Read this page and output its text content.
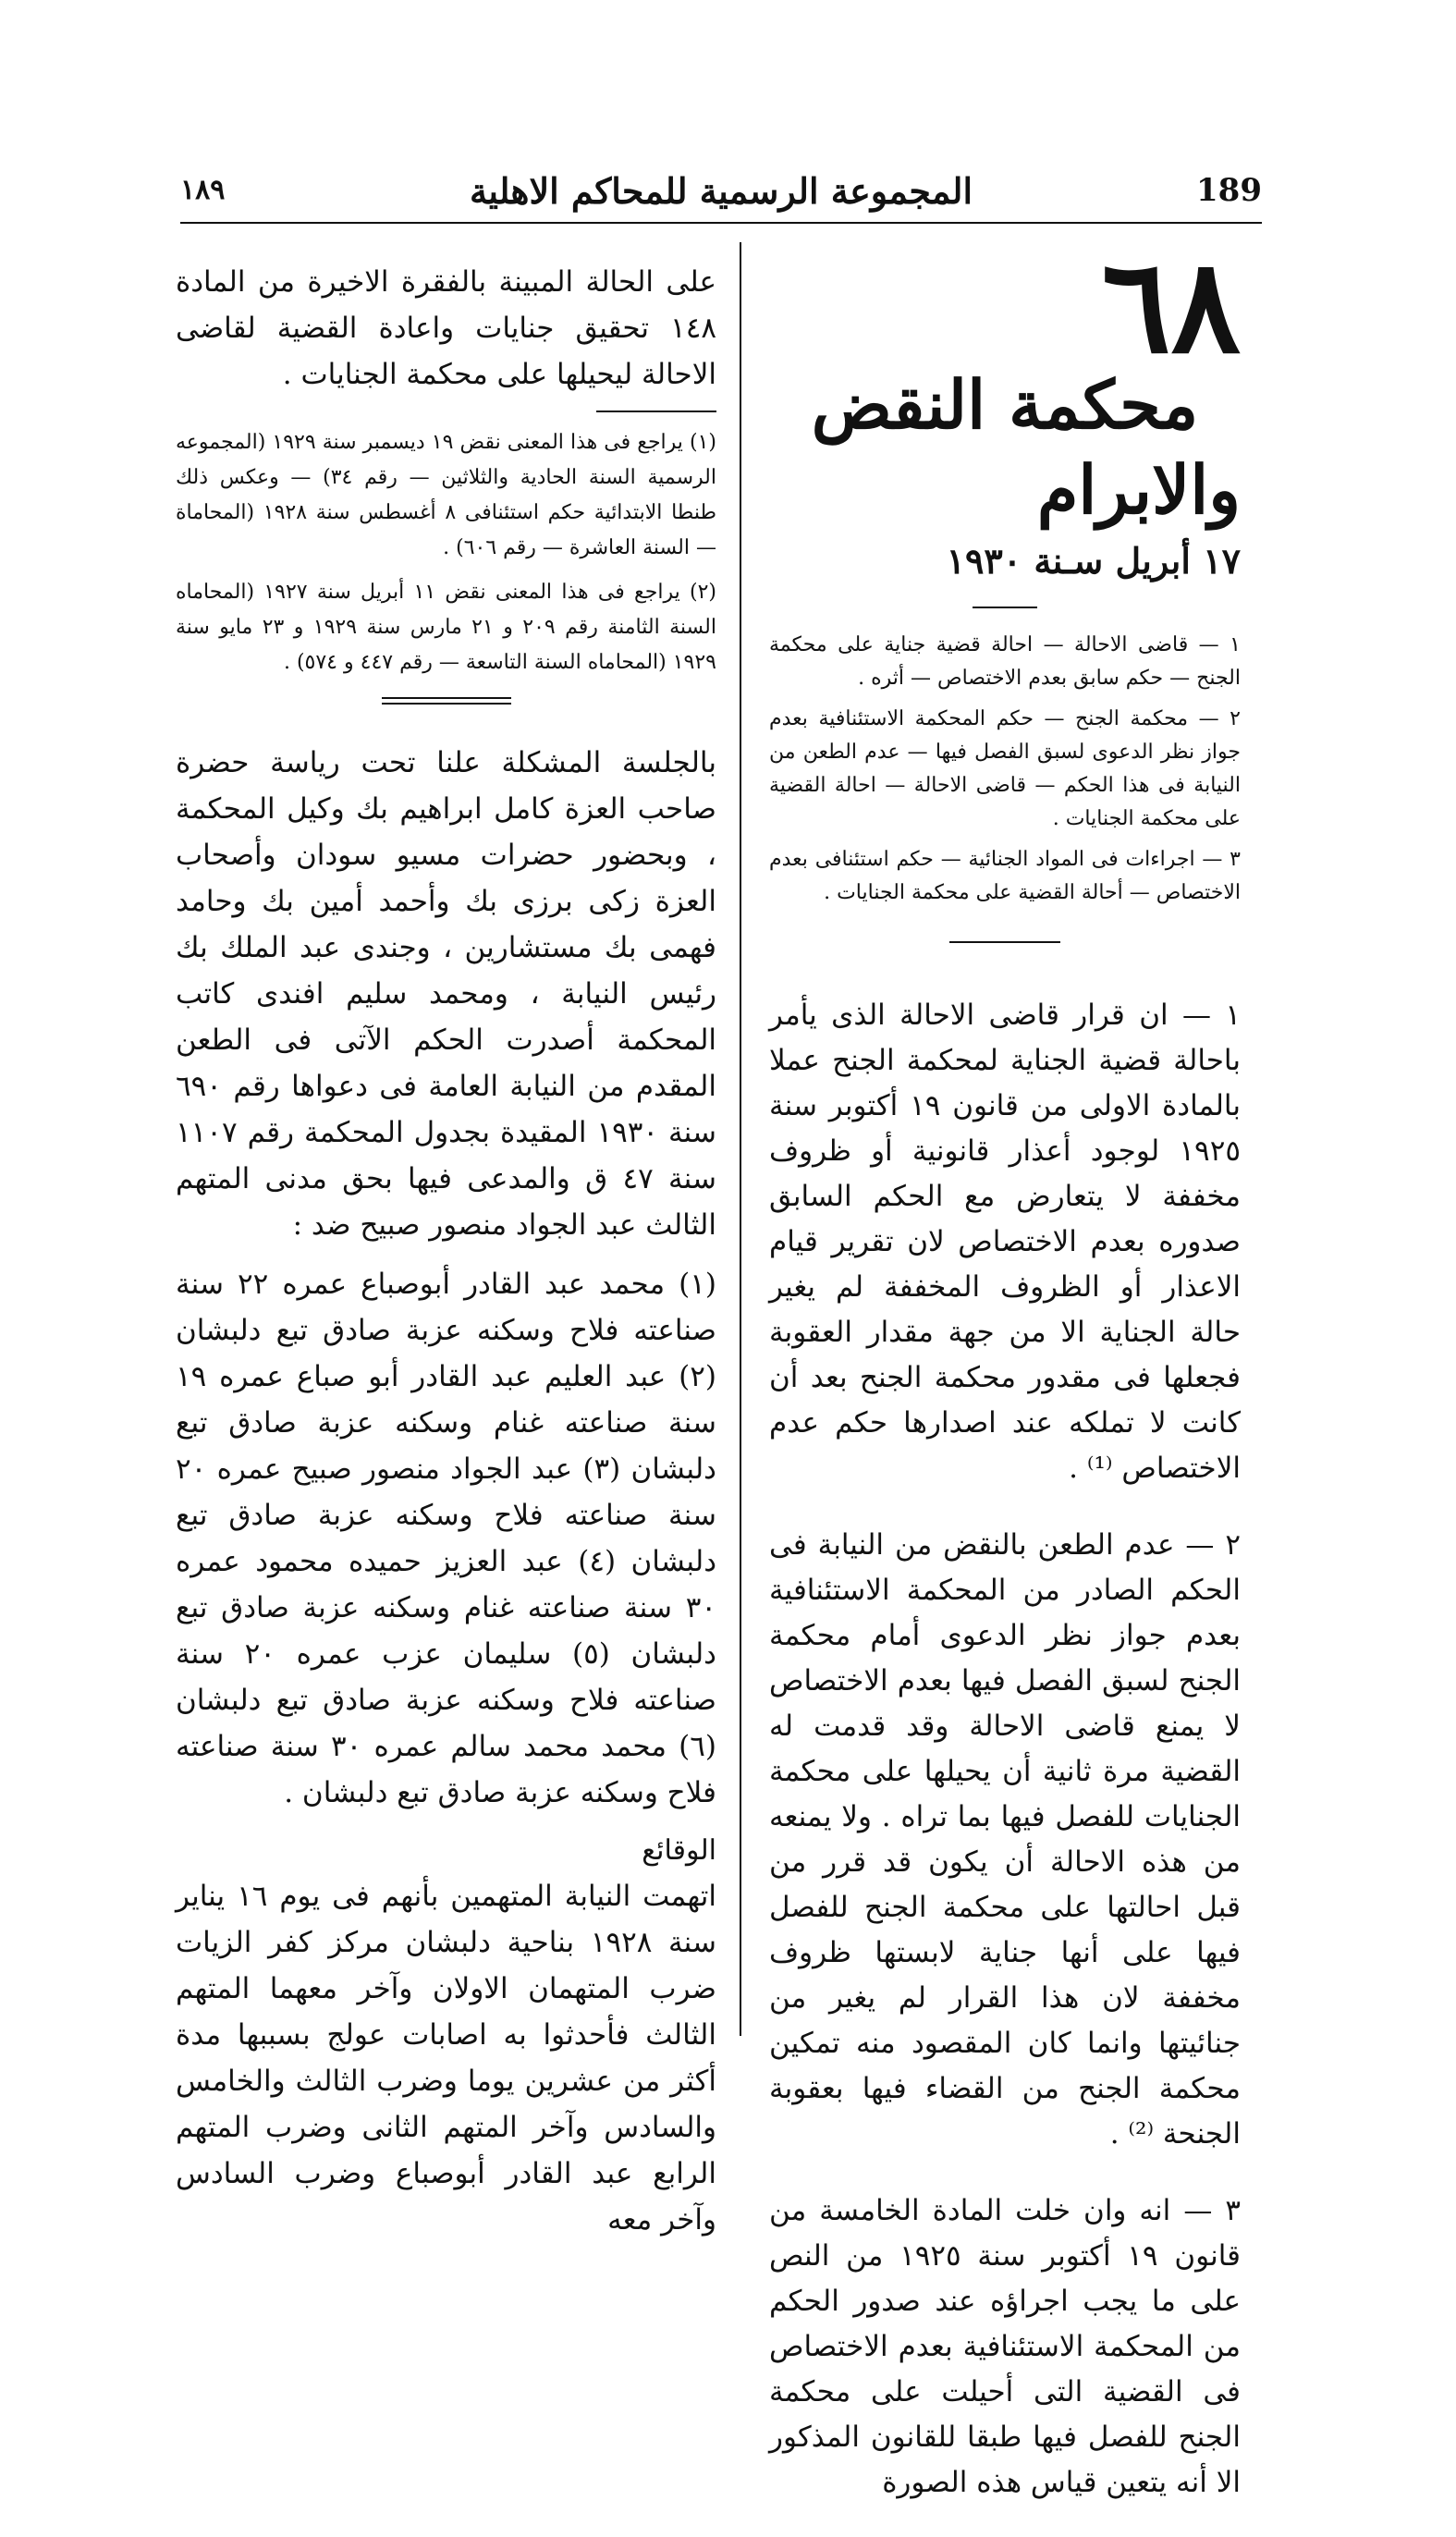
١٨٩	المجموعة الرسمية للمحاكم الاهلية	189
٦٨
محكمة النقض والابرام
١٧ أبريل سـنة ١٩٣٠
١ — قاضى الاحالة — احالة قضية جناية على محكمة الجنح — حكم سابق بعدم الاختصاص — أثره .
٢ — محكمة الجنح — حكم المحكمة الاستئنافية بعدم جواز نظر الدعوى لسبق الفصل فيها — عدم الطعن من النيابة فى هذا الحكم — قاضى الاحالة — احالة القضية على محكمة الجنايات .
٣ — اجراءات فى المواد الجنائية — حكم استئنافى بعدم الاختصاص — أحالة القضية على محكمة الجنايات .

١ — ان قرار قاضى الاحالة الذى يأمر باحالة قضية الجناية لمحكمة الجنح عملا بالمادة الاولى من قانون ١٩ أكتوبر سنة ١٩٢٥ لوجود أعذار قانونية أو ظروف مخففة لا يتعارض مع الحكم السابق صدوره بعدم الاختصاص لان تقرير قيام الاعذار أو الظروف المخففة لم يغير حالة الجناية الا من جهة مقدار العقوبة فجعلها فى مقدور محكمة الجنح بعد أن كانت لا تملكه عند اصدارها حكم عدم الاختصاص ⁽¹⁾ .

٢ — عدم الطعن بالنقض من النيابة فى الحكم الصادر من المحكمة الاستئنافية بعدم جواز نظر الدعوى أمام محكمة الجنح لسبق الفصل فيها بعدم الاختصاص لا يمنع قاضى الاحالة وقد قدمت له القضية مرة ثانية أن يحيلها على محكمة الجنايات للفصل فيها بما تراه . ولا يمنعه من هذه الاحالة أن يكون قد قرر من قبل احالتها على محكمة الجنح للفصل فيها على أنها جناية لابستها ظروف مخففة لان هذا القرار لم يغير من جنائيتها وانما كان المقصود منه تمكين محكمة الجنح من القضاء فيها بعقوبة الجنحة ⁽²⁾ .

٣ — انه وان خلت المادة الخامسة من قانون ١٩ أكتوبر سنة ١٩٢٥ من النص على ما يجب اجراؤه عند صدور الحكم من المحكمة الاستئنافية بعدم الاختصاص فى القضية التى أحيلت على محكمة الجنح للفصل فيها طبقا للقانون المذكور الا أنه يتعين قياس هذه الصورة

على الحالة المبينة بالفقرة الاخيرة من المادة ١٤٨ تحقيق جنايات واعادة القضية لقاضى الاحالة ليحيلها على محكمة الجنايات .

(١) يراجع فى هذا المعنى نقض ١٩ ديسمبر سنة ١٩٢٩ (المجموعه الرسمية السنة الحادية والثلاثين — رقم ٣٤) — وعكس ذلك طنطا الابتدائية حكم استئنافى ٨ أغسطس سنة ١٩٢٨ (المحاماة — السنة العاشرة — رقم ٦٠٦) .
(٢) يراجع فى هذا المعنى نقض ١١ أبريل سنة ١٩٢٧ (المحاماه السنة الثامنة رقم ٢٠٩ و ٢١ مارس سنة ١٩٢٩ و ٢٣ مايو سنة ١٩٢٩ (المحاماه السنة التاسعة — رقم ٤٤٧ و ٥٧٤) .

بالجلسة المشكلة علنا تحت رياسة حضرة صاحب العزة كامل ابراهيم بك وكيل المحكمة ، وبحضور حضرات مسيو سودان وأصحاب العزة زكى برزى بك وأحمد أمين بك وحامد فهمى بك مستشارين ، وجندى عبد الملك بك رئيس النيابة ، ومحمد سليم افندى كاتب المحكمة أصدرت الحكم الآتى فى الطعن المقدم من النيابة العامة فى دعواها رقم ٦٩٠ سنة ١٩٣٠ المقيدة بجدول المحكمة رقم ١١٠٧ سنة ٤٧ ق والمدعى فيها بحق مدنى المتهم الثالث عبد الجواد منصور صبيح ضد :

(١) محمد عبد القادر أبوصباع عمره ٢٢ سنة صناعته فلاح وسكنه عزبة صادق تبع دلبشان (٢) عبد العليم عبد القادر أبو صباع عمره ١٩ سنة صناعته غنام وسكنه عزبة صادق تبع دلبشان (٣) عبد الجواد منصور صبيح عمره ٢٠ سنة صناعته فلاح وسكنه عزبة صادق تبع دلبشان (٤) عبد العزيز حميده محمود عمره ٣٠ سنة صناعته غنام وسكنه عزبة صادق تبع دلبشان (٥) سليمان عزب عمره ٢٠ سنة صناعته فلاح وسكنه عزبة صادق تبع دلبشان (٦) محمد محمد سالم عمره ٣٠ سنة صناعته فلاح وسكنه عزبة صادق تبع دلبشان .

الوقائع

اتهمت النيابة المتهمين بأنهم فى يوم ١٦ يناير سنة ١٩٢٨ بناحية دلبشان مركز كفر الزيات ضرب المتهمان الاولان وآخر معهما المتهم الثالث فأحدثوا به اصابات عولج بسببها مدة أكثر من عشرين يوما وضرب الثالث والخامس والسادس وآخر المتهم الثانى وضرب المتهم الرابع عبد القادر أبوصباع وضرب السادس وآخر معه
